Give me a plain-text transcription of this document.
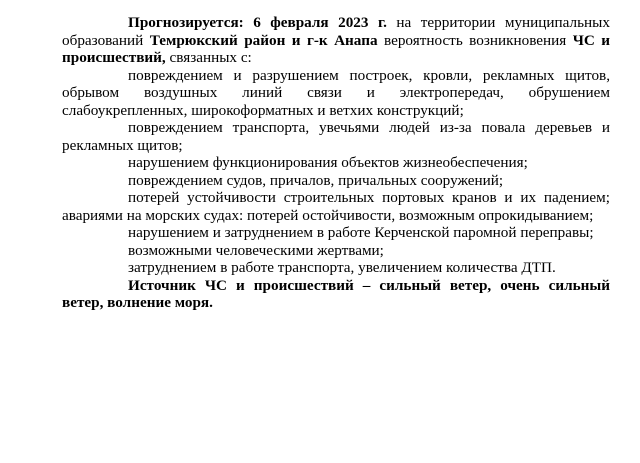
Прогнозируется: 6 февраля 2023 г. на территории муниципальных образований Темрюкский район и г-к Анапа вероятность возникновения ЧС и происшествий, связанных с:

повреждением и разрушением построек, кровли, рекламных щитов, обрывом воздушных линий связи и электропередач, обрушением слабоукрепленных, широкоформатных и ветхих конструкций;

повреждением транспорта, увечьями людей из-за повала деревьев и рекламных щитов;

нарушением функционирования объектов жизнеобеспечения;

повреждением судов, причалов, причальных сооружений;

потерей устойчивости строительных портовых кранов и их падением; авариями на морских судах: потерей остойчивости, возможным опрокидыванием;

нарушением и затруднением в работе Керченской паромной переправы;

возможными человеческими жертвами;

затруднением в работе транспорта, увеличением количества ДТП.

Источник ЧС и происшествий – сильный ветер, очень сильный ветер, волнение моря.
